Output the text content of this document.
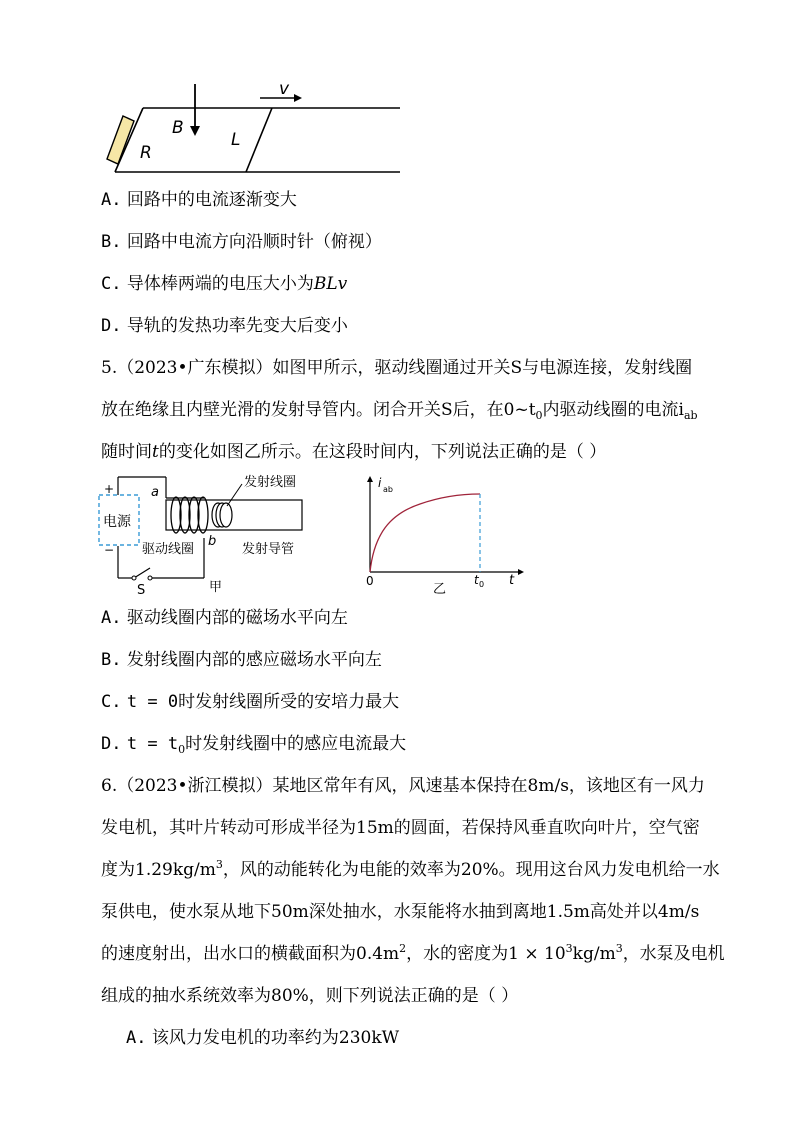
B
R
L
v
A. 回路中的电流逐渐变大
B. 回路中电流方向沿顺时针（俯视）
C. 导体棒两端的电压大小为BLv
D. 导轨的发热功率先变大后变小
5.（2023•广东模拟）如图甲所示，驱动线圈通过开关S与电源连接，发射线圈
放在绝缘且内壁光滑的发射导管内。闭合开关S后，在$0\sim t_0$内驱动线圈的电流$i_{ab}$
随时间t的变化如图乙所示。在这段时间内，下列说法正确的是（ ）
电源
+
−
a
b
驱动线圈
发射线圈
发射导管
S	甲
i ab
0	t 0 t
乙
A. 驱动线圈内部的磁场水平向左
B. 发射线圈内部的感应磁场水平向左
C. t = 0时发射线圈所受的安培力最大
D. $t = t_0$时发射线圈中的感应电流最大
6.（2023•浙江模拟）某地区常年有风，风速基本保持在8m/s，该地区有一风力
发电机，其叶片转动可形成半径为15m的圆面，若保持风垂直吹向叶片，空气密
度为$1.29kg/m^3$，风的动能转化为电能的效率为20%。现用这台风力发电机给一水
泵供电，使水泵从地下50m深处抽水，水泵能将水抽到离地1.5m高处并以4m/s
的速度射出，出水口的横截面积为$0.4m^2$，水的密度为$1 \times 10^3kg/m^3$，水泵及电机
组成的抽水系统效率为80%，则下列说法正确的是（ ）
A. 该风力发电机的功率约为230kW
